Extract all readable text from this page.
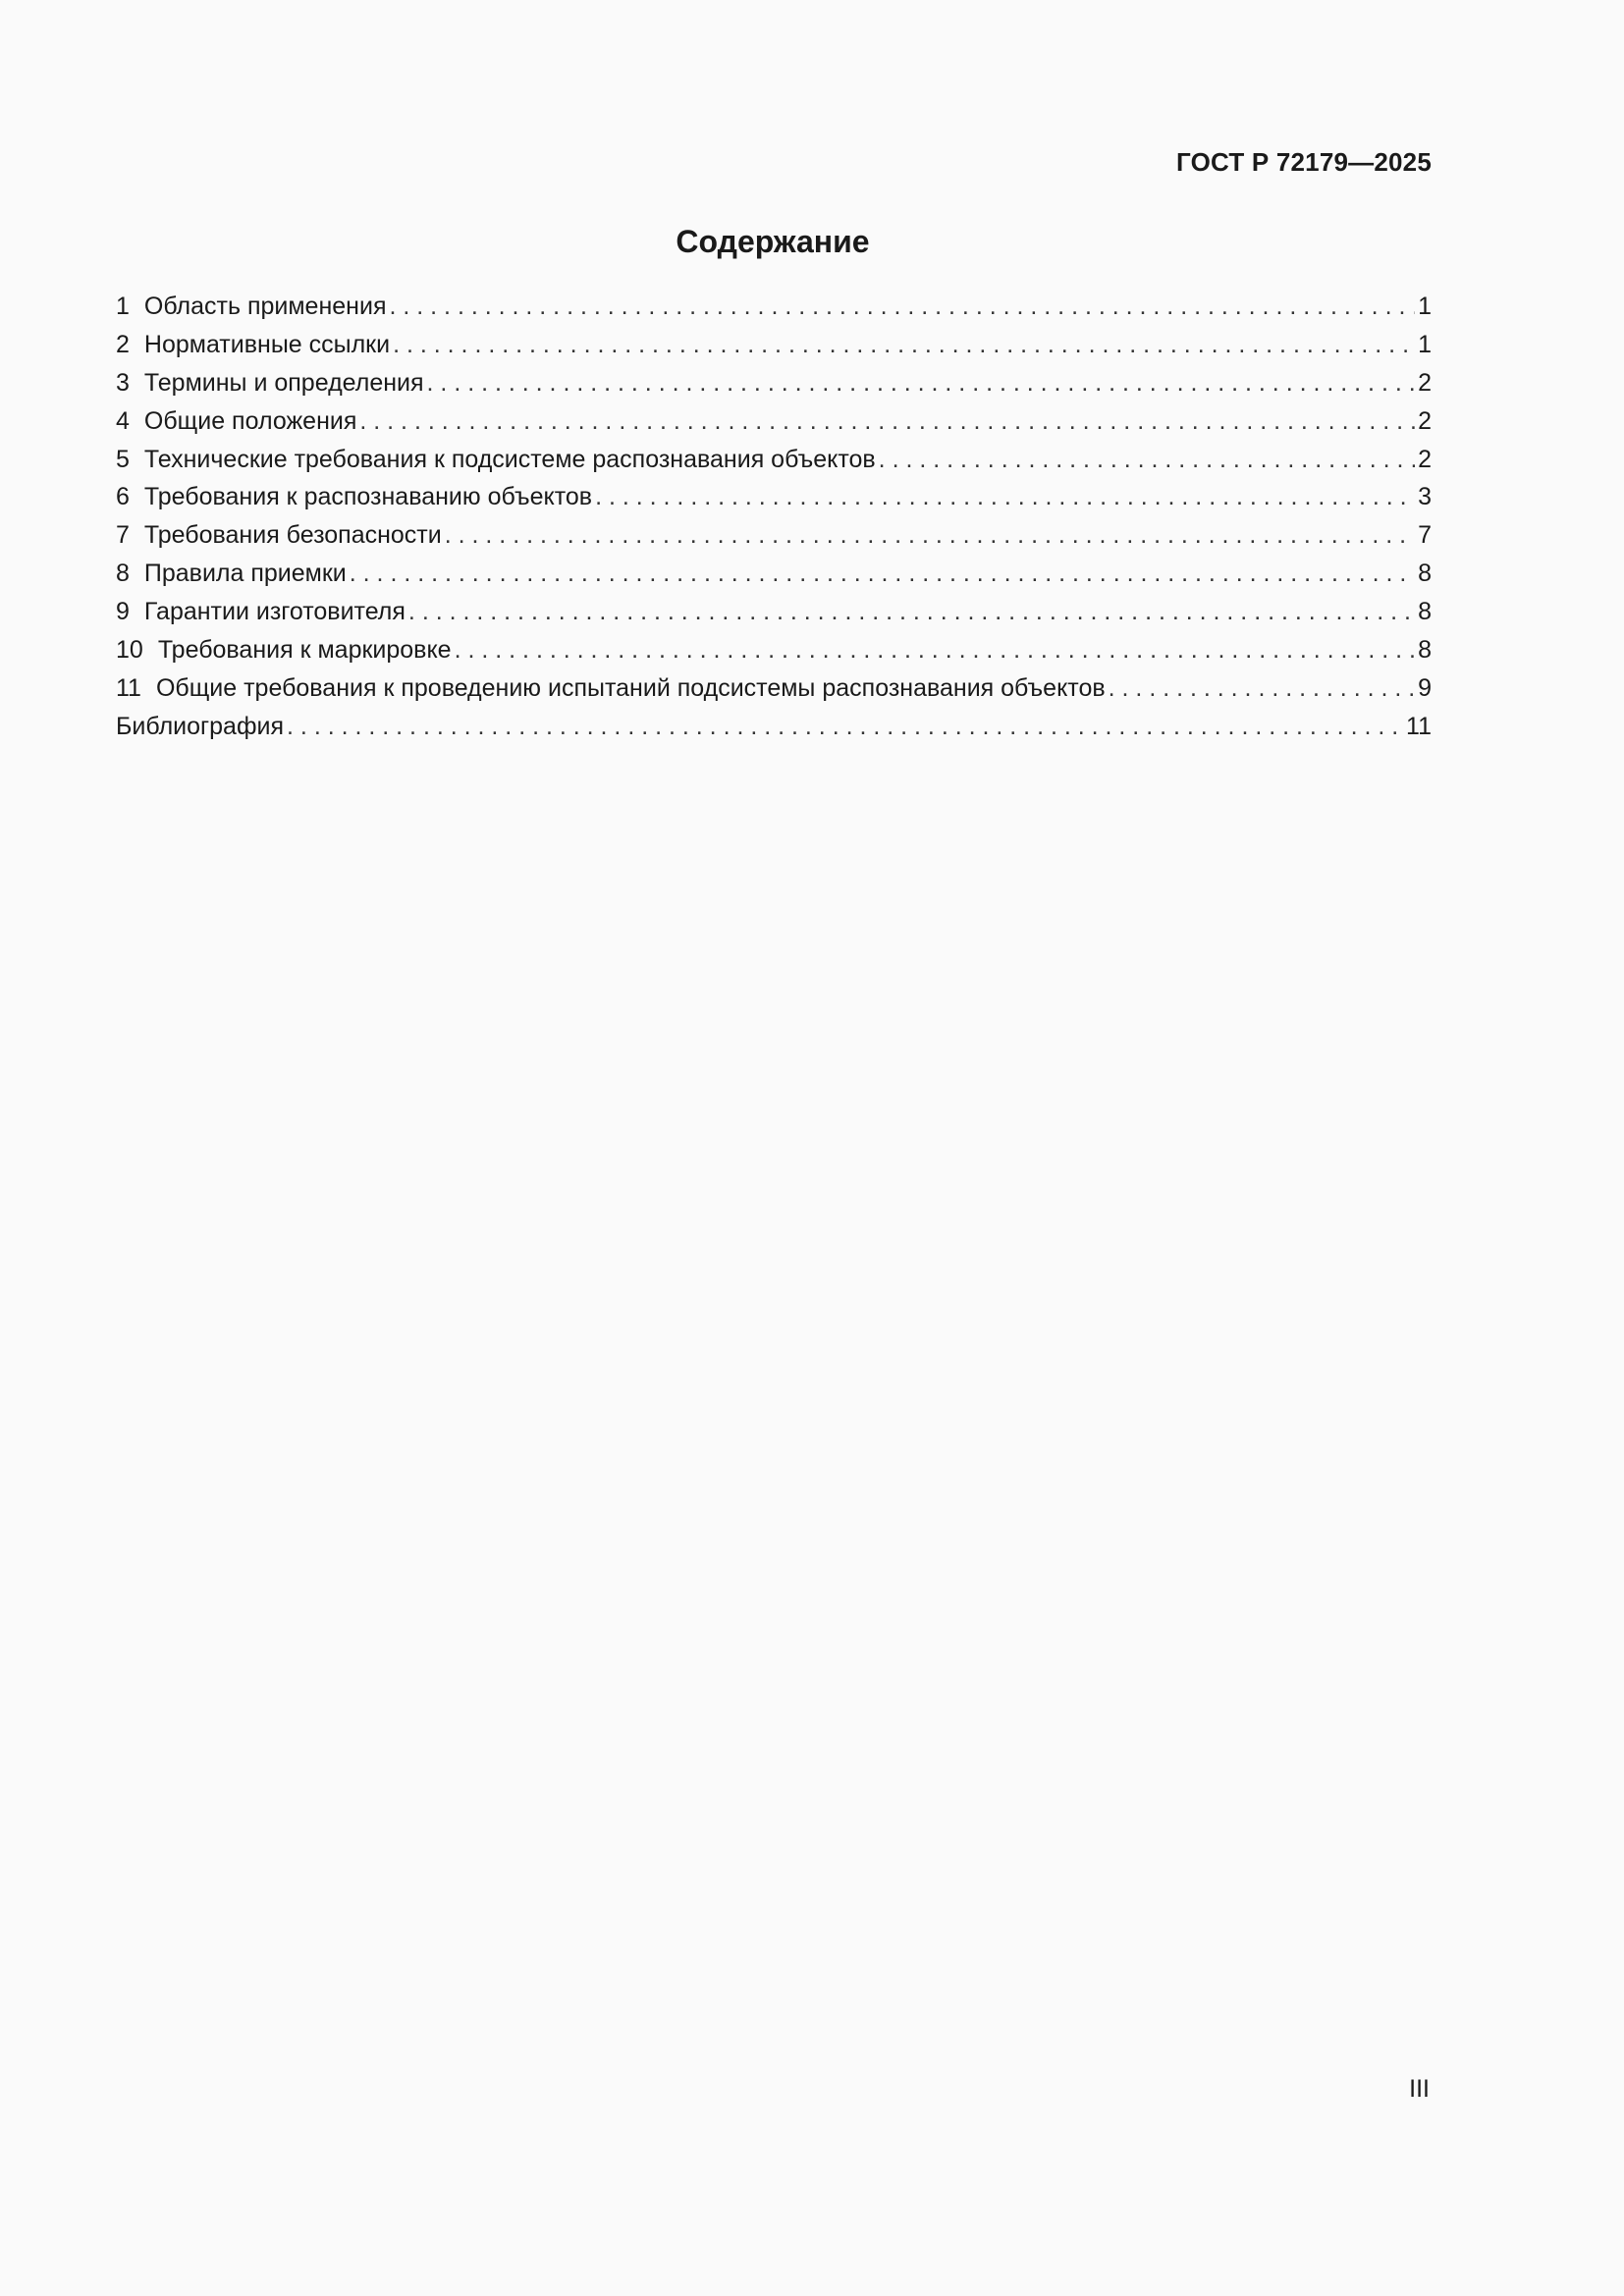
ГОСТ Р 72179—2025
Содержание
1 Область применения . . .	1
2 Нормативные ссылки . . .	1
3 Термины и определения . . .	2
4 Общие положения . . .	2
5 Технические требования к подсистеме распознавания объектов . . .	2
6 Требования к распознаванию объектов . . .	3
7 Требования безопасности . . .	7
8 Правила приемки . . .	8
9 Гарантии изготовителя . . .	8
10 Требования к маркировке . . .	8
11 Общие требования к проведению испытаний подсистемы распознавания объектов . . .	9
Библиография . . .	11
III
